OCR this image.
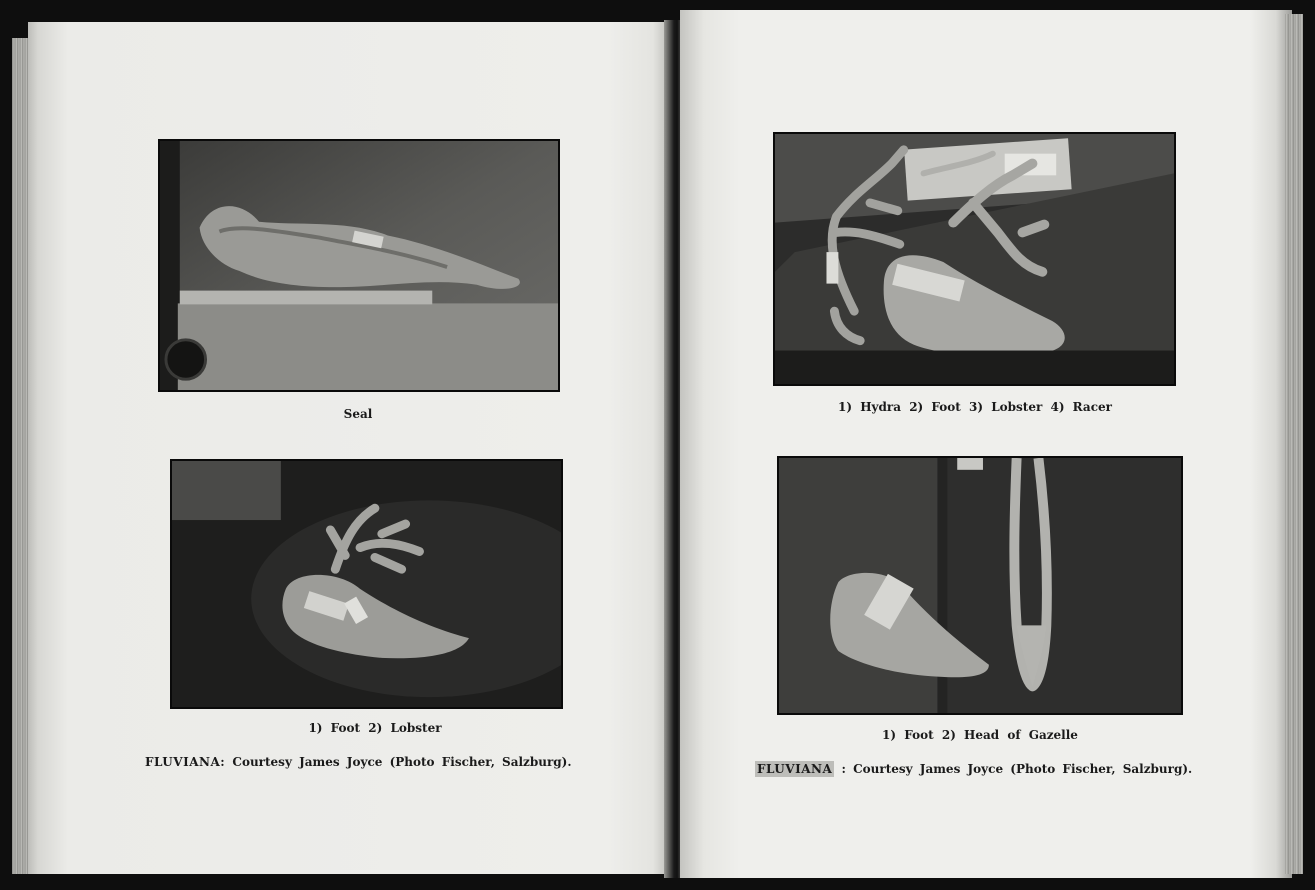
Seal
1) Foot 2) Lobster
FLUVIANA: Courtesy James Joyce (Photo Fischer, Salzburg).
1) Hydra 2) Foot 3) Lobster 4) Racer
1) Foot 2) Head of Gazelle
FLUVIANA : Courtesy James Joyce (Photo Fischer, Salzburg).
